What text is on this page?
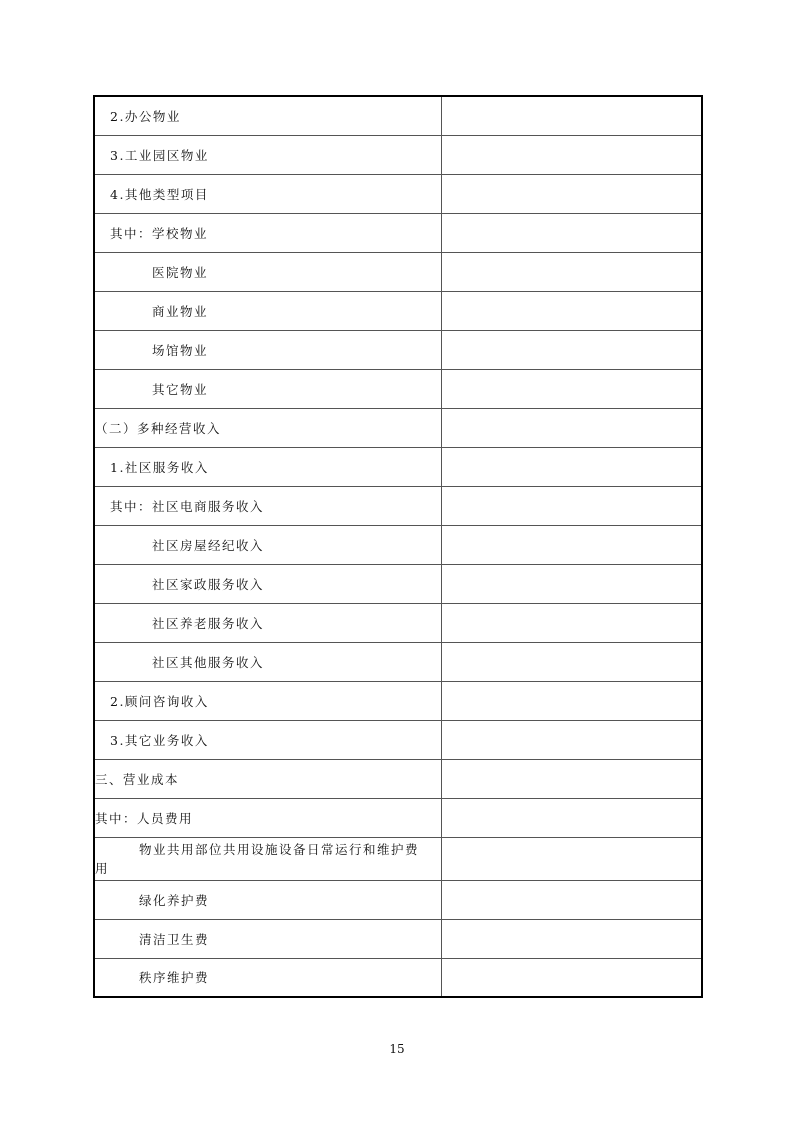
2.办公物业	
3.工业园区物业	
4.其他类型项目	
其中：学校物业	
医院物业	
商业物业	
场馆物业	
其它物业	
（二）多种经营收入	
1.社区服务收入	
其中：社区电商服务收入	
社区房屋经纪收入	
社区家政服务收入	
社区养老服务收入	
社区其他服务收入	
2.顾问咨询收入	
3.其它业务收入	
三、营业成本	
其中：人员费用	

物业共用部位共用设施设备日常运行和维护费用	

绿化养护费	
清洁卫生费	
秩序维护费	
15
